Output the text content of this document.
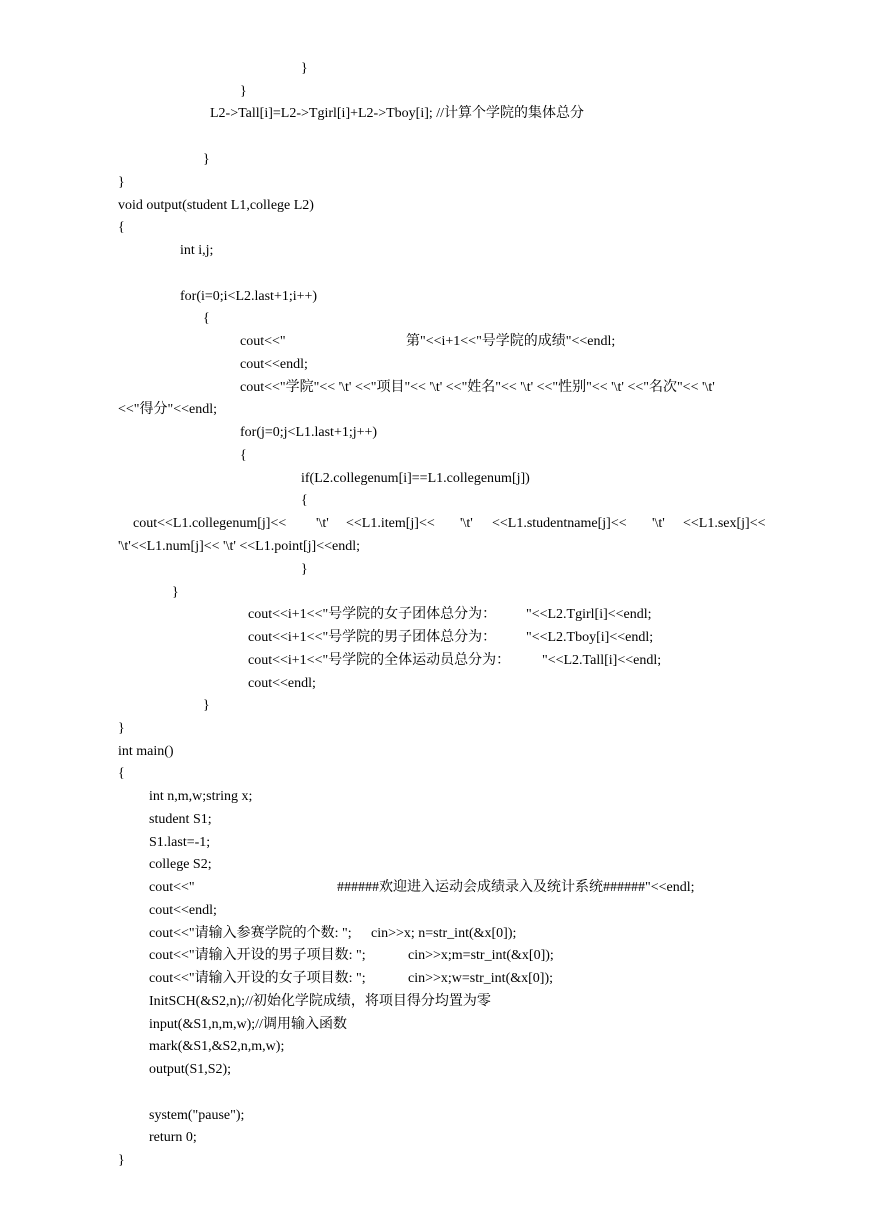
}
}
L2->Tall[i]=L2->Tgirl[i]+L2->Tboy[i]; //计算个学院的集体总分
}
}
void output(student L1,college L2)
{
int i,j;
for(i=0;i<L2.last+1;i++)
{
cout<<"	第"<<i+1<<"号学院的成绩"<<endl;
cout<<endl;
cout<<"学院"<< '\t' <<"项目"<< '\t' <<"姓名"<< '\t' <<"性别"<< '\t' <<"名次"<< '\t'
<<"得分"<<endl;
for(j=0;j<L1.last+1;j++)
{
if(L2.collegenum[i]==L1.collegenum[j])
{
cout<<L1.collegenum[j]<< '\t' <<L1.item[j]<< '\t' <<L1.studentname[j]<< '\t' <<L1.sex[j]<<
'\t'<<L1.num[j]<< '\t' <<L1.point[j]<<endl;
}
}
cout<<i+1<<"号学院的女子团体总分为： "<<L2.Tgirl[i]<<endl;
cout<<i+1<<"号学院的男子团体总分为： "<<L2.Tboy[i]<<endl;
cout<<i+1<<"号学院的全体运动员总分为： "<<L2.Tall[i]<<endl;
cout<<endl;
}
}
int main()
{
int n,m,w;string x;
student S1;
S1.last=-1;
college S2;
cout<<"	######欢迎进入运动会成绩录入及统计系统######"<<endl;
cout<<endl;
cout<<"请输入参赛学院的个数: "; cin>>x; n=str_int(&x[0]);
cout<<"请输入开设的男子项目数: ";	cin>>x;m=str_int(&x[0]);
cout<<"请输入开设的女子项目数: ";	cin>>x;w=str_int(&x[0]);
InitSCH(&S2,n);//初始化学院成绩，将项目得分均置为零
input(&S1,n,m,w);//调用输入函数
mark(&S1,&S2,n,m,w);
output(S1,S2);
system("pause");
return 0;
}
